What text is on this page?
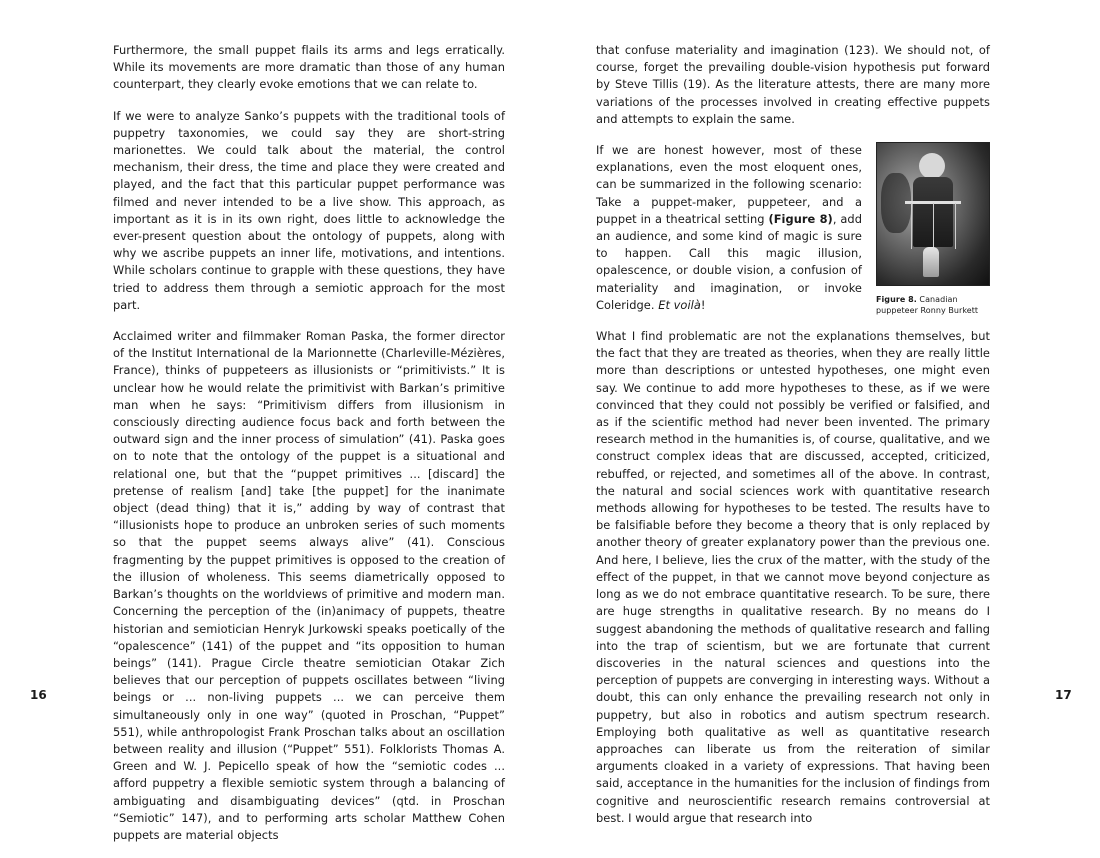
Furthermore, the small puppet flails its arms and legs erratically. While its movements are more dramatic than those of any human counterpart, they clearly evoke emotions that we can relate to.

If we were to analyze Sanko’s puppets with the traditional tools of puppetry taxonomies, we could say they are short-string marionettes. We could talk about the material, the control mechanism, their dress, the time and place they were created and played, and the fact that this particular puppet performance was filmed and never intended to be a live show. This approach, as important as it is in its own right, does little to acknowledge the ever-present question about the ontology of puppets, along with why we ascribe puppets an inner life, motivations, and intentions. While scholars continue to grapple with these questions, they have tried to address them through a semiotic approach for the most part.

Acclaimed writer and filmmaker Roman Paska, the former director of the Institut International de la Marionnette (Charleville-Mézières, France), thinks of puppeteers as illusionists or “primitivists.” It is unclear how he would relate the primitivist with Barkan’s primitive man when he says: “Primitivism differs from illusionism in consciously directing audience focus back and forth between the outward sign and the inner process of simulation” (41). Paska goes on to note that the ontology of the puppet is a situational and relational one, but that the “puppet primitives ... [discard] the pretense of realism [and] take [the puppet] for the inanimate object (dead thing) that it is,” adding by way of contrast that “illusionists hope to produce an unbroken series of such moments so that the puppet seems always alive” (41). Conscious fragmenting by the puppet primitives is opposed to the creation of the illusion of wholeness. This seems diametrically opposed to Barkan’s thoughts on the worldviews of primitive and modern man. Concerning the perception of the (in)animacy of puppets, theatre historian and semiotician Henryk Jurkowski speaks poetically of the “opalescence” (141) of the puppet and “its opposition to human beings” (141). Prague Circle theatre semiotician Otakar Zich believes that our perception of puppets oscillates between “living beings or ... non-living puppets ... we can perceive them simultaneously only in one way” (quoted in Proschan, “Puppet” 551), while anthropologist Frank Proschan talks about an oscillation between reality and illusion (“Puppet” 551). Folklorists Thomas A. Green and W. J. Pepicello speak of how the “semiotic codes ... afford puppetry a flexible semiotic system through a balancing of ambiguating and disambiguating devices” (qtd. in Proschan “Semiotic” 147), and to performing arts scholar Matthew Cohen puppets are material objects

that confuse materiality and imagination (123). We should not, of course, forget the prevailing double-vision hypothesis put forward by Steve Tillis (19). As the literature attests, there are many more variations of the processes involved in creating effective puppets and attempts to explain the same.

Figure 8. Canadian puppeteer Ronny Burkett

If we are honest however, most of these explanations, even the most eloquent ones, can be summarized in the following scenario: Take a puppet-maker, puppeteer, and a puppet in a theatrical setting (Figure 8), add an audience, and some kind of magic is sure to happen. Call this magic illusion, opalescence, or double vision, a confusion of materiality and imagination, or invoke Coleridge. Et voilà!

What I find problematic are not the explanations themselves, but the fact that they are treated as theories, when they are really little more than descriptions or untested hypotheses, one might even say. We continue to add more hypotheses to these, as if we were convinced that they could not possibly be verified or falsified, and as if the scientific method had never been invented. The primary research method in the humanities is, of course, qualitative, and we construct complex ideas that are discussed, accepted, criticized, rebuffed, or rejected, and sometimes all of the above. In contrast, the natural and social sciences work with quantitative research methods allowing for hypotheses to be tested. The results have to be falsifiable before they become a theory that is only replaced by another theory of greater explanatory power than the previous one. And here, I believe, lies the crux of the matter, with the study of the effect of the puppet, in that we cannot move beyond conjecture as long as we do not embrace quantitative research. To be sure, there are huge strengths in qualitative research. By no means do I suggest abandoning the methods of qualitative research and falling into the trap of scientism, but we are fortunate that current discoveries in the natural sciences and questions into the perception of puppets are converging in interesting ways. Without a doubt, this can only enhance the prevailing research not only in puppetry, but also in robotics and autism spectrum research. Employing both qualitative as well as quantitative research approaches can liberate us from the reiteration of similar arguments cloaked in a variety of expressions. That having been said, acceptance in the humanities for the inclusion of findings from cognitive and neuroscientific research remains controversial at best. I would argue that research into

16	17
